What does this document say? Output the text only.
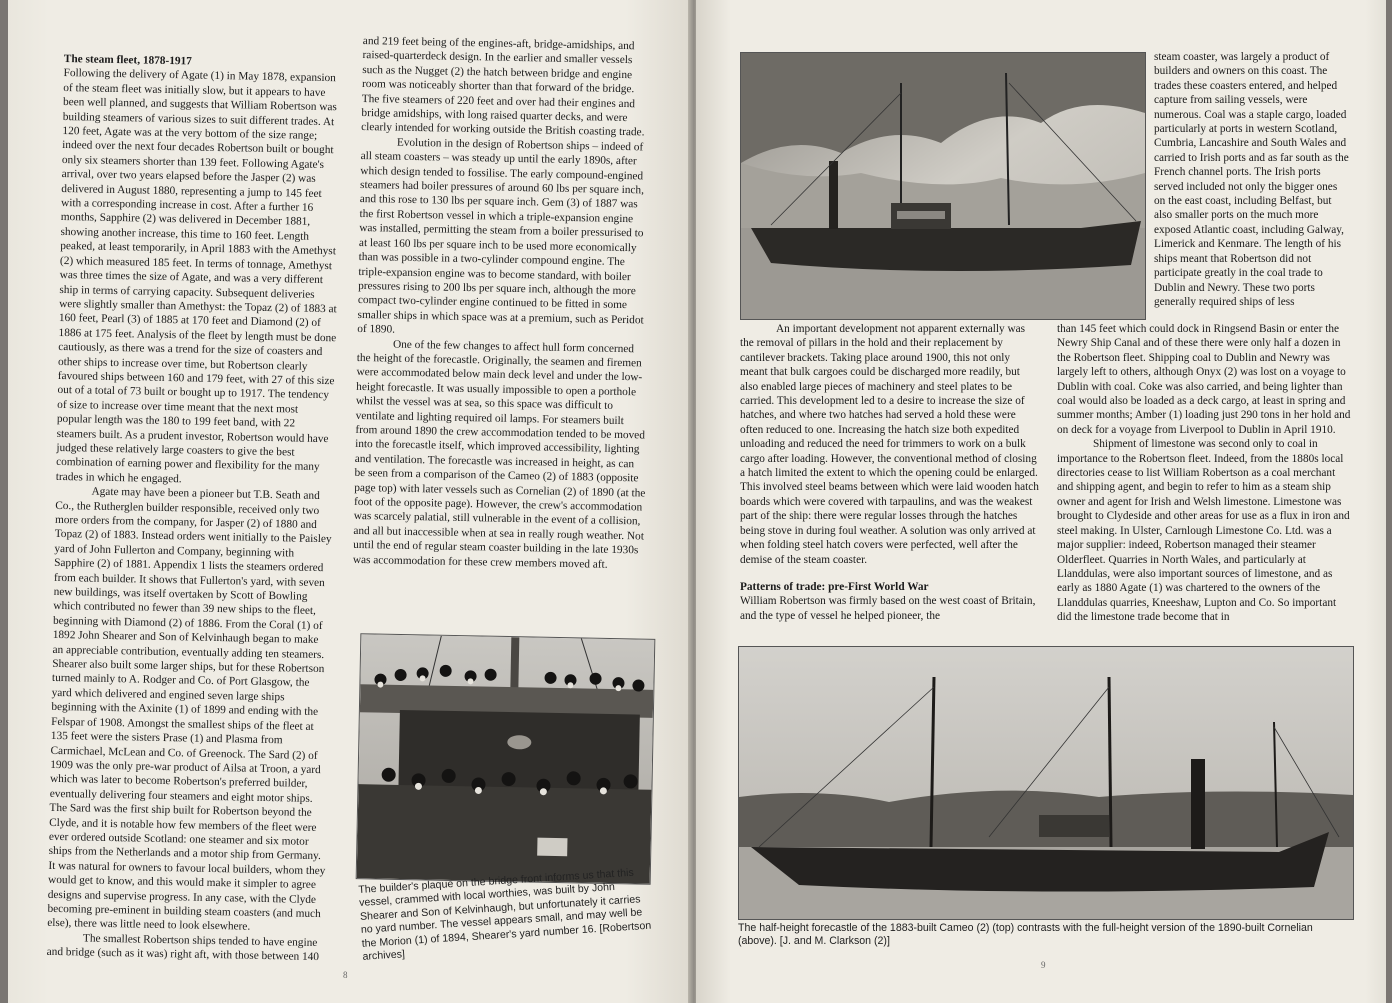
The steam fleet, 1878-1917

Following the delivery of Agate (1) in May 1878, expansion of the steam fleet was initially slow, but it appears to have been well planned, and suggests that William Robertson was building steamers of various sizes to suit different trades. At 120 feet, Agate was at the very bottom of the size range; indeed over the next four decades Robertson built or bought only six steamers shorter than 139 feet. Following Agate's arrival, over two years elapsed before the Jasper (2) was delivered in August 1880, representing a jump to 145 feet with a corresponding increase in cost. After a further 16 months, Sapphire (2) was delivered in December 1881, showing another increase, this time to 160 feet. Length peaked, at least temporarily, in April 1883 with the Amethyst (2) which measured 185 feet. In terms of tonnage, Amethyst was three times the size of Agate, and was a very different ship in terms of carrying capacity. Subsequent deliveries were slightly smaller than Amethyst: the Topaz (2) of 1883 at 160 feet, Pearl (3) of 1885 at 170 feet and Diamond (2) of 1886 at 175 feet. Analysis of the fleet by length must be done cautiously, as there was a trend for the size of coasters and other ships to increase over time, but Robertson clearly favoured ships between 160 and 179 feet, with 27 of this size out of a total of 73 built or bought up to 1917. The tendency of size to increase over time meant that the next most popular length was the 180 to 199 feet band, with 22 steamers built. As a prudent investor, Robertson would have judged these relatively large coasters to give the best combination of earning power and flexibility for the many trades in which he engaged.

Agate may have been a pioneer but T.B. Seath and Co., the Rutherglen builder responsible, received only two more orders from the company, for Jasper (2) of 1880 and Topaz (2) of 1883. Instead orders went initially to the Paisley yard of John Fullerton and Company, beginning with Sapphire (2) of 1881. Appendix 1 lists the steamers ordered from each builder. It shows that Fullerton's yard, with seven new buildings, was itself overtaken by Scott of Bowling which contributed no fewer than 39 new ships to the fleet, beginning with Diamond (2) of 1886. From the Coral (1) of 1892 John Shearer and Son of Kelvinhaugh began to make an appreciable contribution, eventually adding ten steamers. Shearer also built some larger ships, but for these Robertson turned mainly to A. Rodger and Co. of Port Glasgow, the yard which delivered and engined seven large ships beginning with the Axinite (1) of 1899 and ending with the Felspar of 1908. Amongst the smallest ships of the fleet at 135 feet were the sisters Prase (1) and Plasma from Carmichael, McLean and Co. of Greenock. The Sard (2) of 1909 was the only pre-war product of Ailsa at Troon, a yard which was later to become Robertson's preferred builder, eventually delivering four steamers and eight motor ships. The Sard was the first ship built for Robertson beyond the Clyde, and it is notable how few members of the fleet were ever ordered outside Scotland: one steamer and six motor ships from the Netherlands and a motor ship from Germany. It was natural for owners to favour local builders, whom they would get to know, and this would make it simpler to agree designs and supervise progress. In any case, with the Clyde becoming pre-eminent in building steam coasters (and much else), there was little need to look elsewhere.

The smallest Robertson ships tended to have engine and bridge (such as it was) right aft, with those between 140

and 219 feet being of the engines-aft, bridge-amidships, and raised-quarterdeck design. In the earlier and smaller vessels such as the Nugget (2) the hatch between bridge and engine room was noticeably shorter than that forward of the bridge. The five steamers of 220 feet and over had their engines and bridge amidships, with long raised quarter decks, and were clearly intended for working outside the British coasting trade.

Evolution in the design of Robertson ships – indeed of all steam coasters – was steady up until the early 1890s, after which design tended to fossilise. The early compound-engined steamers had boiler pressures of around 60 lbs per square inch, and this rose to 130 lbs per square inch. Gem (3) of 1887 was the first Robertson vessel in which a triple-expansion engine was installed, permitting the steam from a boiler pressurised to at least 160 lbs per square inch to be used more economically than was possible in a two-cylinder compound engine. The triple-expansion engine was to become standard, with boiler pressures rising to 200 lbs per square inch, although the more compact two-cylinder engine continued to be fitted in some smaller ships in which space was at a premium, such as Peridot of 1890.

One of the few changes to affect hull form concerned the height of the forecastle. Originally, the seamen and firemen were accommodated below main deck level and under the low-height forecastle. It was usually impossible to open a porthole whilst the vessel was at sea, so this space was difficult to ventilate and lighting required oil lamps. For steamers built from around 1890 the crew accommodation tended to be moved into the forecastle itself, which improved accessibility, lighting and ventilation. The forecastle was increased in height, as can be seen from a comparison of the Cameo (2) of 1883 (opposite page top) with later vessels such as Cornelian (2) of 1890 (at the foot of the opposite page). However, the crew's accommodation was scarcely palatial, still vulnerable in the event of a collision, and all but inaccessible when at sea in really rough weather. Not until the end of regular steam coaster building in the late 1930s was accommodation for these crew members moved aft.

The builder's plaque on the bridge front informs us that this vessel, crammed with local worthies, was built by John Shearer and Son of Kelvinhaugh, but unfortunately it carries no yard number. The vessel appears small, and may well be the Morion (1) of 1894, Shearer's yard number 16. [Robertson archives]
8

An important development not apparent externally was the removal of pillars in the hold and their replacement by cantilever brackets. Taking place around 1900, this not only meant that bulk cargoes could be discharged more readily, but also enabled large pieces of machinery and steel plates to be carried. This development led to a desire to increase the size of hatches, and where two hatches had served a hold these were often reduced to one. Increasing the hatch size both expedited unloading and reduced the need for trimmers to work on a bulk cargo after loading. However, the conventional method of closing a hatch limited the extent to which the opening could be enlarged. This involved steel beams between which were laid wooden hatch boards which were covered with tarpaulins, and was the weakest part of the ship: there were regular losses through the hatches being stove in during foul weather. A solution was only arrived at when folding steel hatch covers were perfected, well after the demise of the steam coaster.

Patterns of trade: pre-First World War

William Robertson was firmly based on the west coast of Britain, and the type of vessel he helped pioneer, the

steam coaster, was largely a product of builders and owners on this coast. The trades these coasters entered, and helped capture from sailing vessels, were numerous. Coal was a staple cargo, loaded particularly at ports in western Scotland, Cumbria, Lancashire and South Wales and carried to Irish ports and as far south as the French channel ports. The Irish ports served included not only the bigger ones on the east coast, including Belfast, but also smaller ports on the much more exposed Atlantic coast, including Galway, Limerick and Kenmare. The length of his ships meant that Robertson did not participate greatly in the coal trade to Dublin and Newry. These two ports generally required ships of less

than 145 feet which could dock in Ringsend Basin or enter the Newry Ship Canal and of these there were only half a dozen in the Robertson fleet. Shipping coal to Dublin and Newry was largely left to others, although Onyx (2) was lost on a voyage to Dublin with coal. Coke was also carried, and being lighter than coal would also be loaded as a deck cargo, at least in spring and summer months; Amber (1) loading just 290 tons in her hold and on deck for a voyage from Liverpool to Dublin in April 1910.

Shipment of limestone was second only to coal in importance to the Robertson fleet. Indeed, from the 1880s local directories cease to list William Robertson as a coal merchant and shipping agent, and begin to refer to him as a steam ship owner and agent for Irish and Welsh limestone. Limestone was brought to Clydeside and other areas for use as a flux in iron and steel making. In Ulster, Carnlough Limestone Co. Ltd. was a major supplier: indeed, Robertson managed their steamer Olderfleet. Quarries in North Wales, and particularly at Llanddulas, were also important sources of limestone, and as early as 1880 Agate (1) was chartered to the owners of the Llanddulas quarries, Kneeshaw, Lupton and Co. So important did the limestone trade become that in

The half-height forecastle of the 1883-built Cameo (2) (top) contrasts with the full-height version of the 1890-built Cornelian (above). [J. and M. Clarkson (2)]
9
